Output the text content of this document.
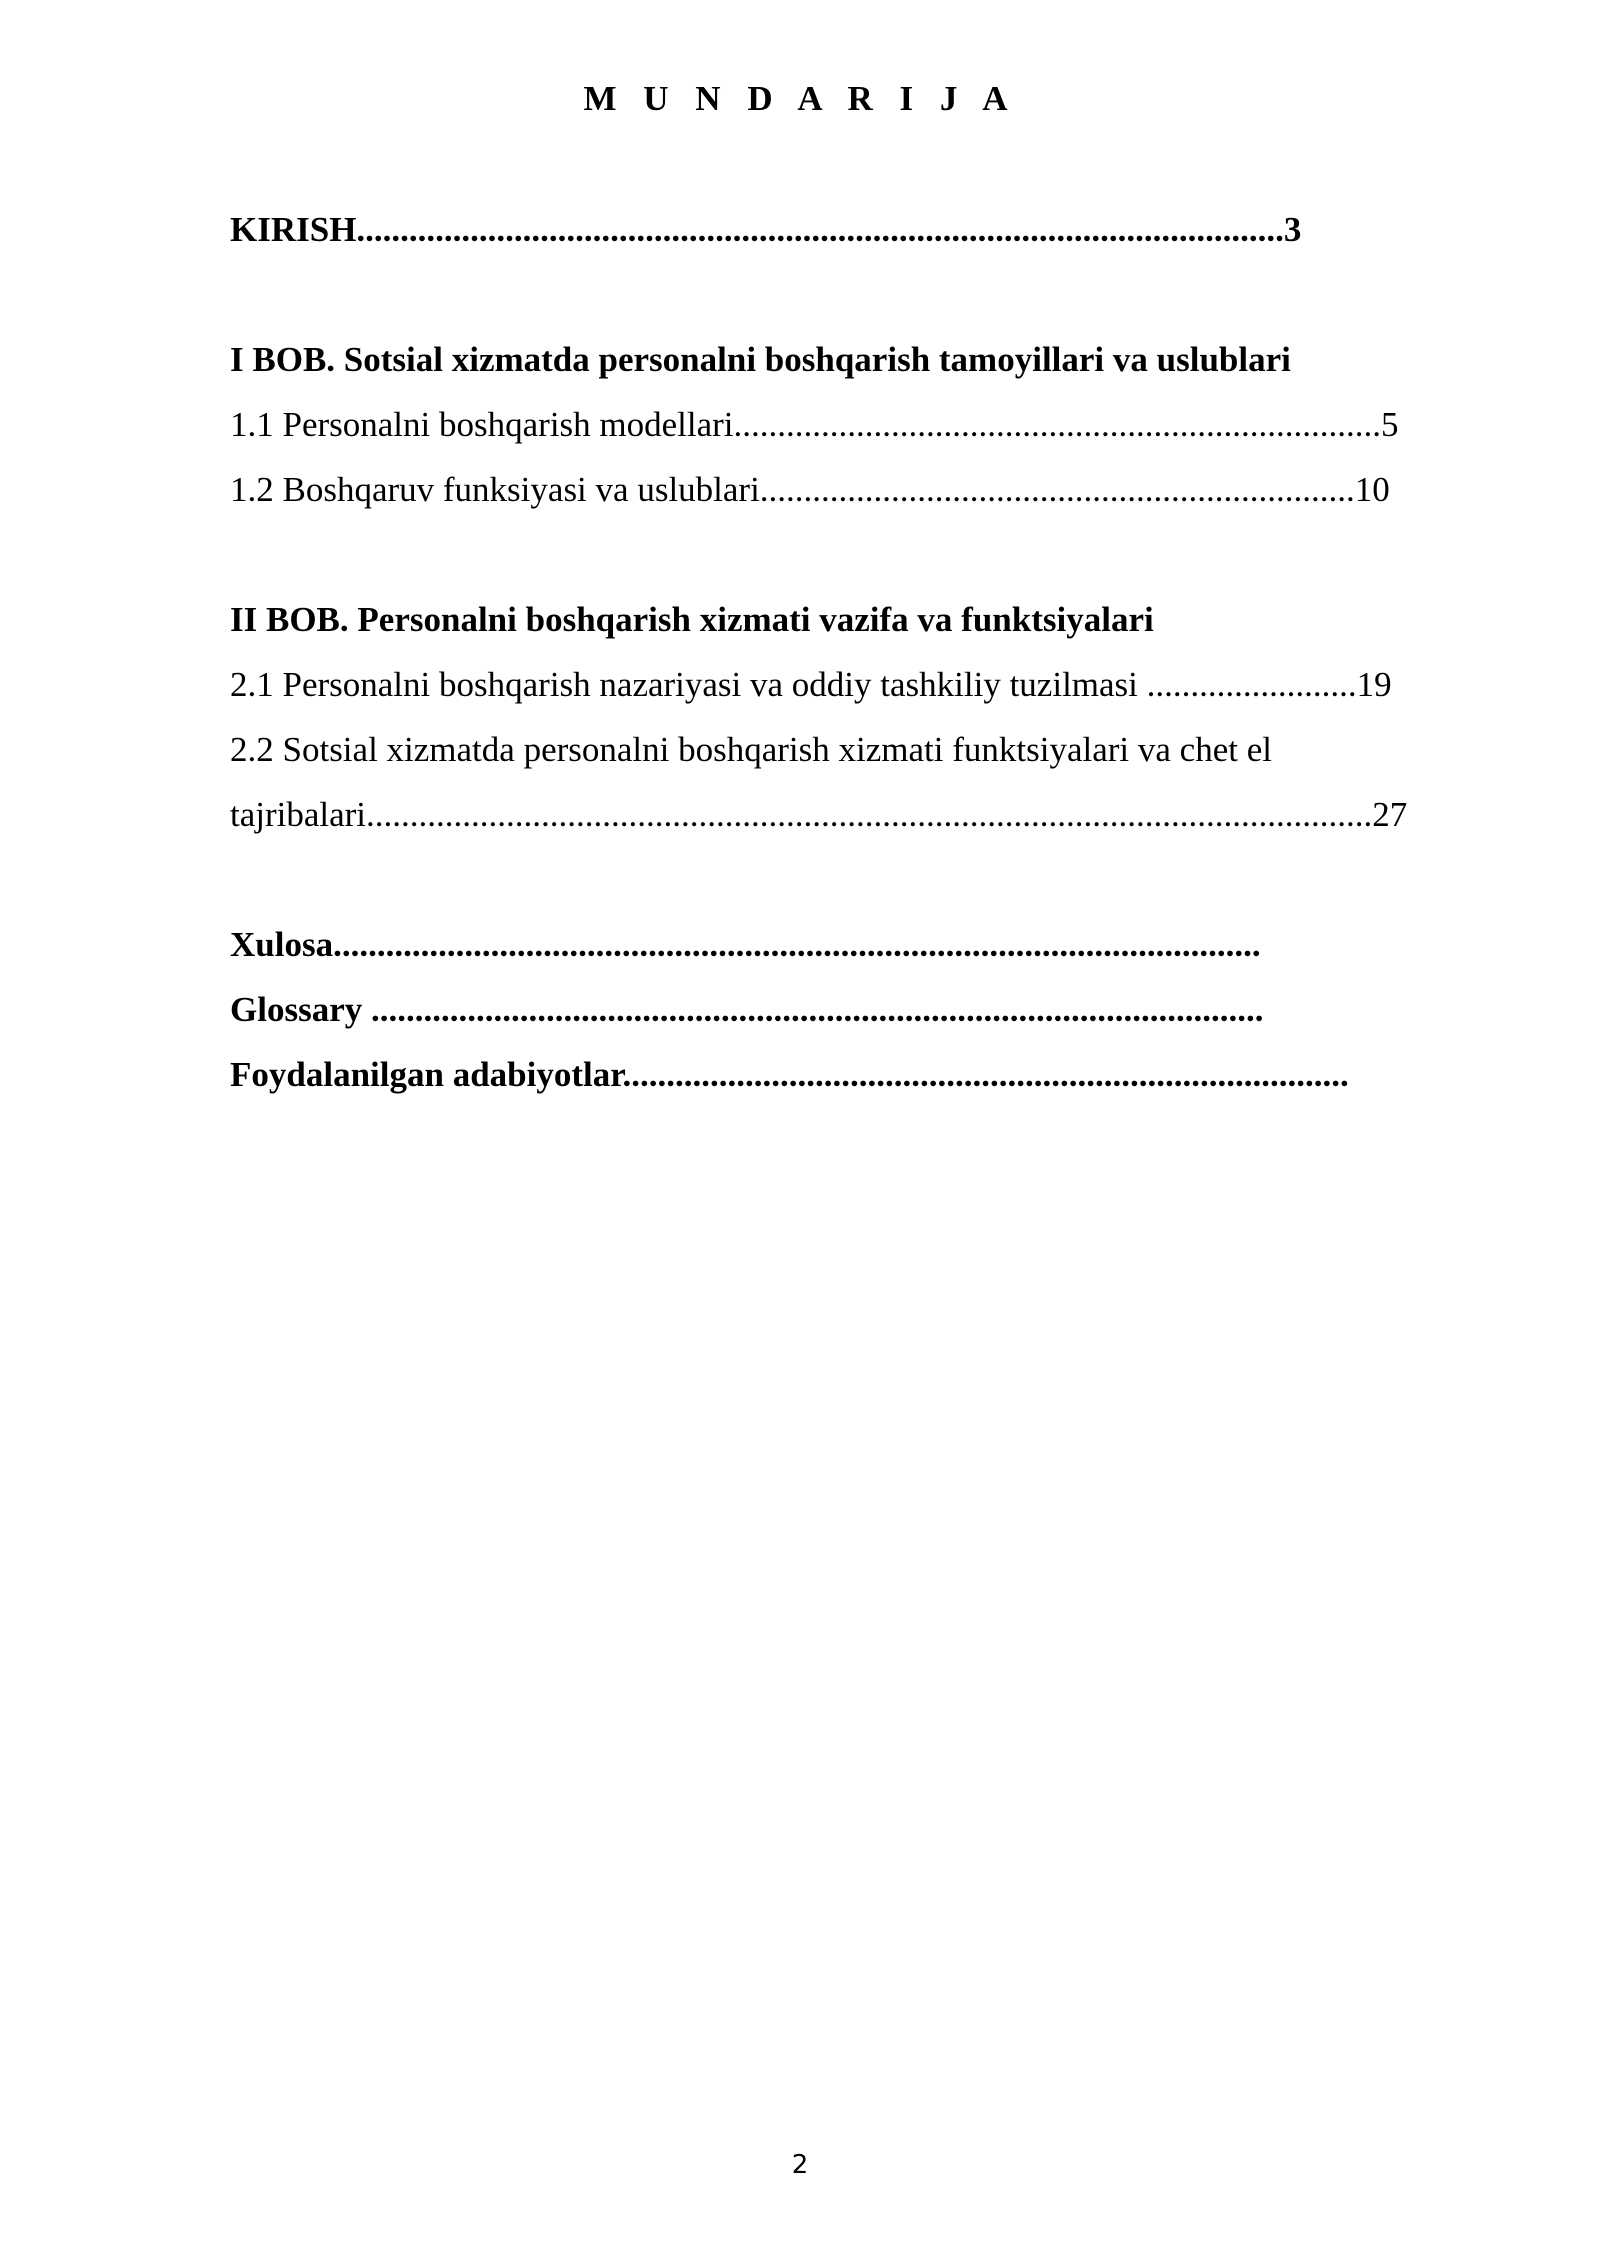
M U N D A R I J A
KIRISH..........................................................................................................3
I BOB. Sotsial xizmatda personalni boshqarish tamoyillari va uslublari
1.1 Personalni boshqarish modellari..........................................................................5
1.2 Boshqaruv funksiyasi va uslublari....................................................................10
II BOB. Personalni boshqarish xizmati vazifa va funktsiyalari
2.1 Personalni boshqarish nazariyasi va oddiy tashkiliy tuzilmasi ........................19
2.2 Sotsial xizmatda personalni boshqarish xizmati funktsiyalari va chet el
tajribalari...................................................................................................................27
Xulosa..........................................................................................................
Glossary ......................................................................................................
Foydalanilgan adabiyotlar...................................................................................
2
